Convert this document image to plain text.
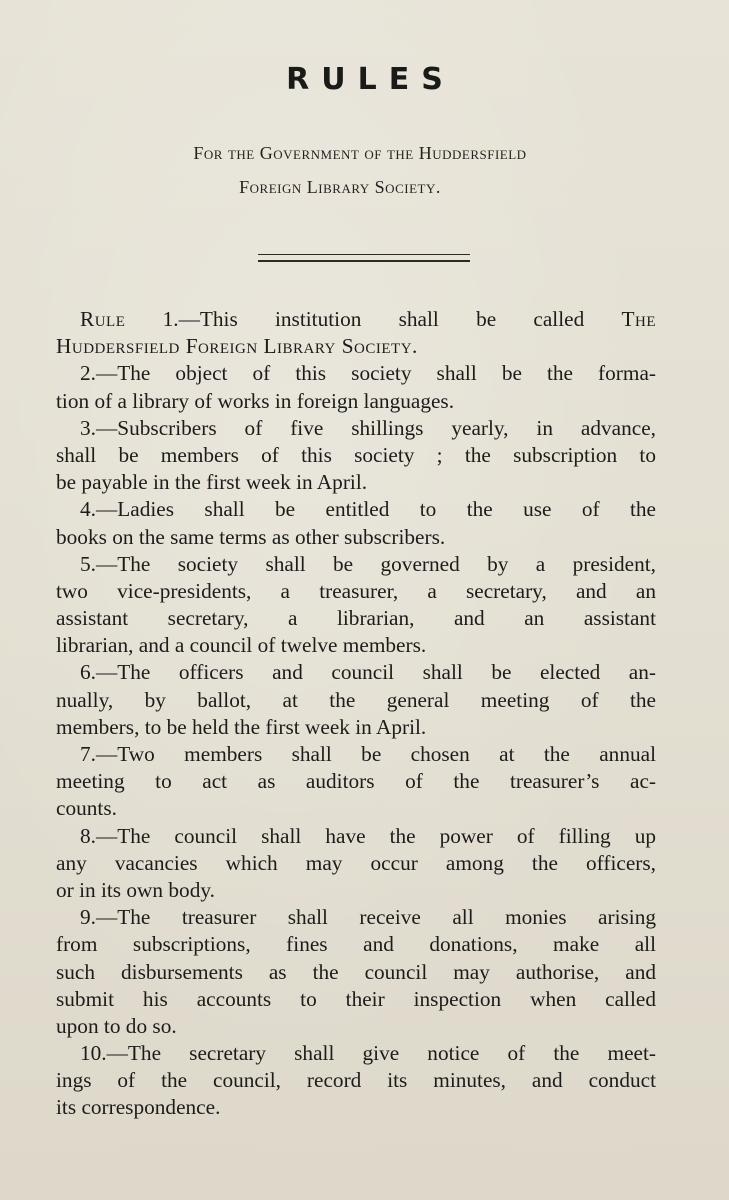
RULES
For the Government of the Huddersfield
Foreign Library Society.
Rule 1.—This institution shall be called The
Huddersfield Foreign Library Society.
2.—The object of this society shall be the forma-
tion of a library of works in foreign languages.
3.—Subscribers of five shillings yearly, in advance,
shall be members of this society ; the subscription to
be payable in the first week in April.
4.—Ladies shall be entitled to the use of the
books on the same terms as other subscribers.
5.—The society shall be governed by a president,
two vice-presidents, a treasurer, a secretary, and an
assistant secretary, a librarian, and an assistant
librarian, and a council of twelve members.
6.—The officers and council shall be elected an-
nually, by ballot, at the general meeting of the
members, to be held the first week in April.
7.—Two members shall be chosen at the annual
meeting to act as auditors of the treasurer’s ac-
counts.
8.—The council shall have the power of filling up
any vacancies which may occur among the officers,
or in its own body.
9.—The treasurer shall receive all monies arising
from subscriptions, fines and donations, make all
such disbursements as the council may authorise, and
submit his accounts to their inspection when called
upon to do so.
10.—The secretary shall give notice of the meet-
ings of the council, record its minutes, and conduct
its correspondence.
